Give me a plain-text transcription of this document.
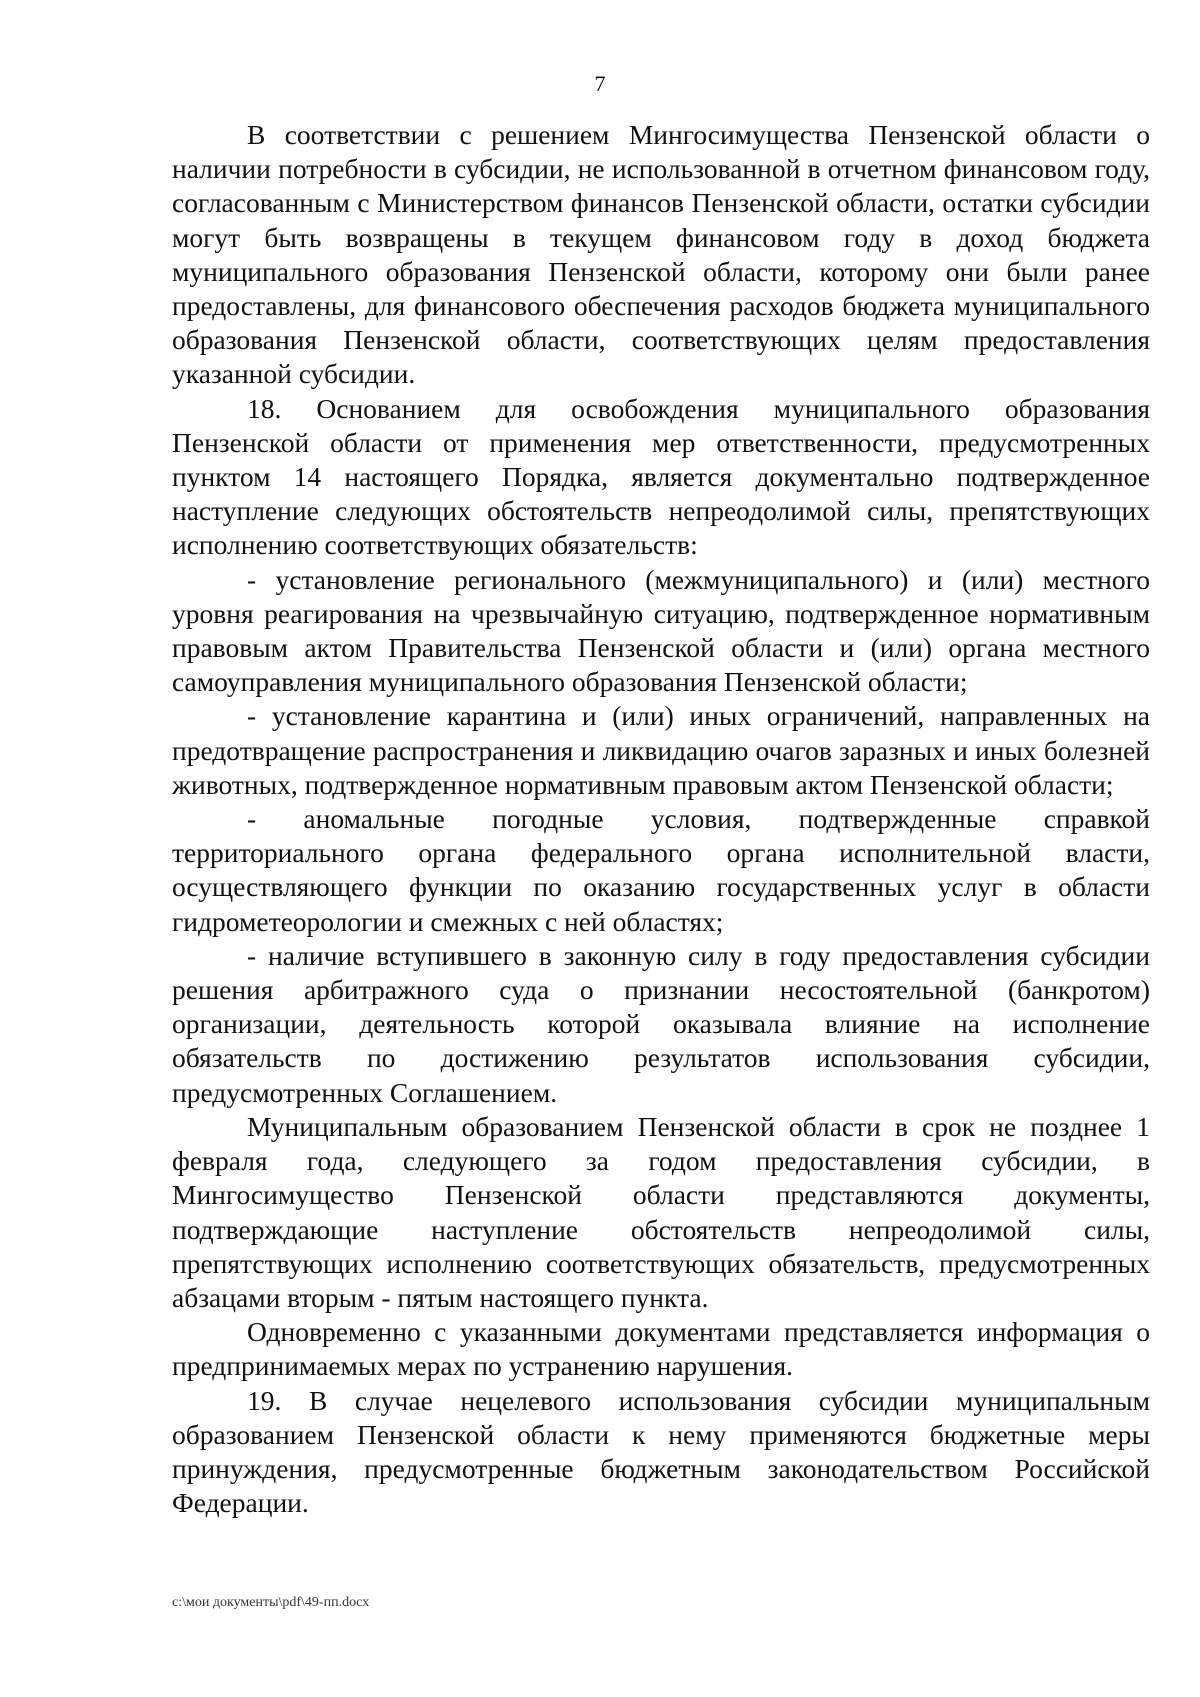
7

В соответствии с решением Мингосимущества Пензенской области о наличии потребности в субсидии, не использованной в отчетном финансовом году, согласованным с Министерством финансов Пензенской области, остатки субсидии могут быть возвращены в текущем финансовом году в доход бюджета муниципального образования Пензенской области, которому они были ранее предоставлены, для финансового обеспечения расходов бюджета муниципального образования Пензенской области, соответствующих целям предоставления указанной субсидии.

18. Основанием для освобождения муниципального образования Пензенской области от применения мер ответственности, предусмотренных пунктом 14 настоящего Порядка, является документально подтвержденное наступление следующих обстоятельств непреодолимой силы, препятствующих исполнению соответствующих обязательств:

- установление регионального (межмуниципального) и (или) местного уровня реагирования на чрезвычайную ситуацию, подтвержденное нормативным правовым актом Правительства Пензенской области и (или) органа местного самоуправления муниципального образования Пензенской области;

- установление карантина и (или) иных ограничений, направленных на предотвращение распространения и ликвидацию очагов заразных и иных болезней животных, подтвержденное нормативным правовым актом Пензенской области;

- аномальные погодные условия, подтвержденные справкой территориального органа федерального органа исполнительной власти, осуществляющего функции по оказанию государственных услуг в области гидрометеорологии и смежных с ней областях;

- наличие вступившего в законную силу в году предоставления субсидии решения арбитражного суда о признании несостоятельной (банкротом) организации, деятельность которой оказывала влияние на исполнение обязательств по достижению результатов использования субсидии, предусмотренных Соглашением.

Муниципальным образованием Пензенской области в срок не позднее 1 февраля года, следующего за годом предоставления субсидии, в Мингосимущество Пензенской области представляются документы, подтверждающие наступление обстоятельств непреодолимой силы, препятствующих исполнению соответствующих обязательств, предусмотренных абзацами вторым - пятым настоящего пункта.

Одновременно с указанными документами представляется информация о предпринимаемых мерах по устранению нарушения.

19. В случае нецелевого использования субсидии муниципальным образованием Пензенской области к нему применяются бюджетные меры принуждения, предусмотренные бюджетным законодательством Российской Федерации.

c:\мои документы\pdf\49-пп.docx
